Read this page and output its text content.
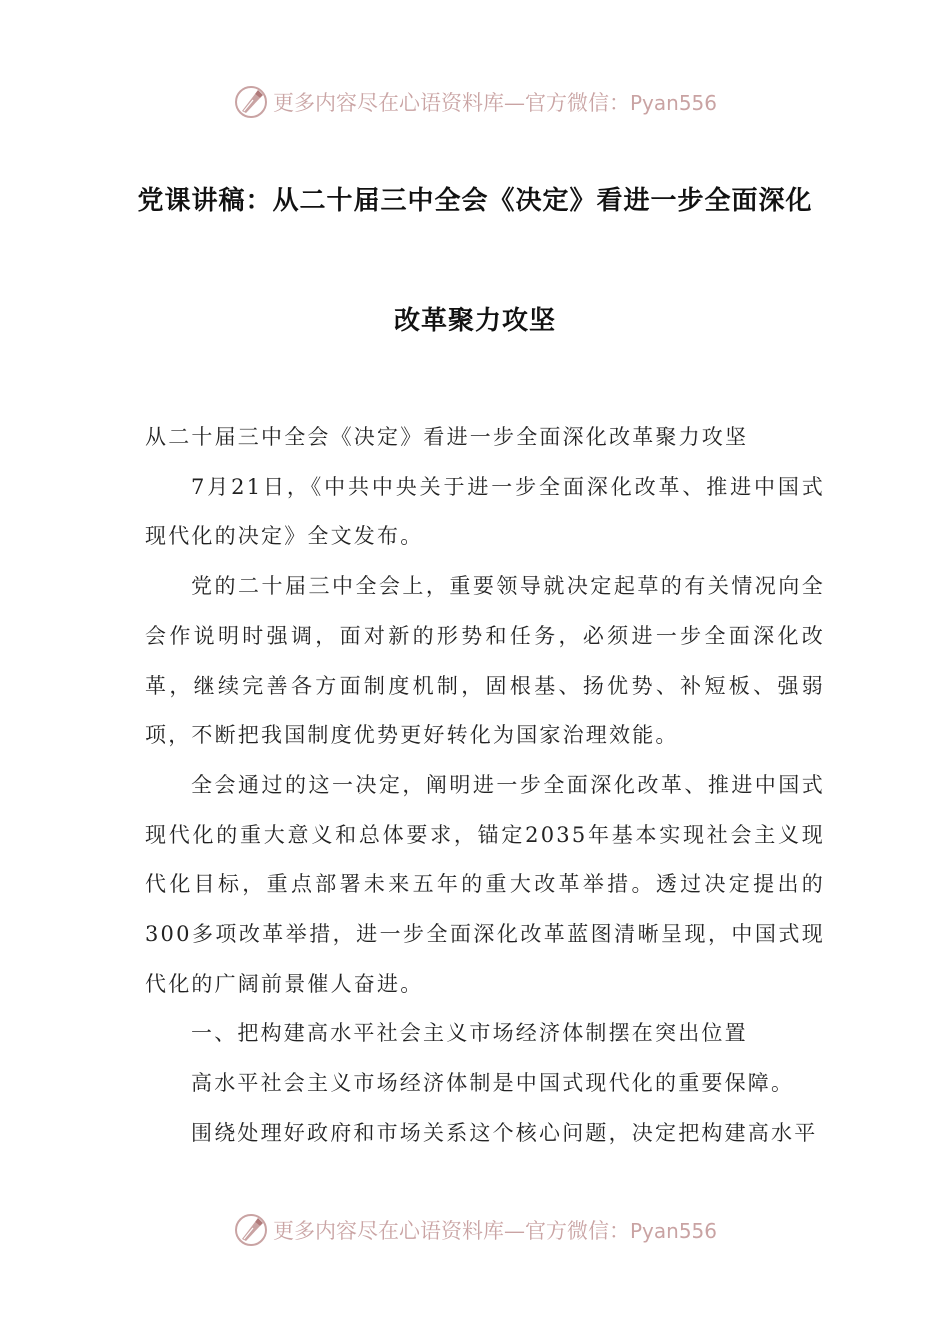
更多内容尽在心语资料库—官方微信：Pyan556
党课讲稿：从二十届三中全会《决定》看进一步全面深化
改革聚力攻坚

从二十届三中全会《决定》看进一步全面深化改革聚力攻坚

7月21日，《中共中央关于进一步全面深化改革、推进中国式现代化的决定》全文发布。

党的二十届三中全会上，重要领导就决定起草的有关情况向全会作说明时强调，面对新的形势和任务，必须进一步全面深化改革，继续完善各方面制度机制，固根基、扬优势、补短板、强弱项，不断把我国制度优势更好转化为国家治理效能。

全会通过的这一决定，阐明进一步全面深化改革、推进中国式现代化的重大意义和总体要求，锚定2035年基本实现社会主义现代化目标，重点部署未来五年的重大改革举措。透过决定提出的300多项改革举措，进一步全面深化改革蓝图清晰呈现，中国式现代化的广阔前景催人奋进。

一、把构建高水平社会主义市场经济体制摆在突出位置

高水平社会主义市场经济体制是中国式现代化的重要保障。

围绕处理好政府和市场关系这个核心问题，决定把构建高水平

更多内容尽在心语资料库—官方微信：Pyan556
